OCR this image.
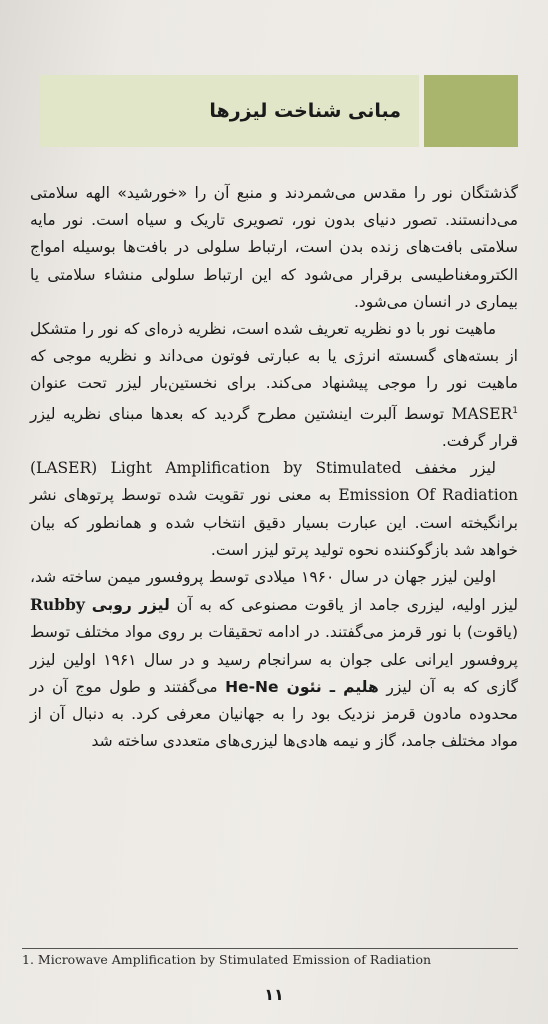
مبانی شناخت لیزرها

گذشتگان نور را مقدس می‌شمردند و منبع آن را «خورشید» الهه سلامتی می‌دانستند. تصور دنیای بدون نور، تصویری تاریک و سیاه است. نور مایه سلامتی بافت‌های زنده بدن است، ارتباط سلولی در بافت‌ها بوسیله امواج الکترومغناطیسی برقرار می‌شود که این ارتباط سلولی منشاء سلامتی یا بیماری در انسان می‌شود.

ماهیت نور با دو نظریه تعریف شده است، نظریه ذره‌ای که نور را متشکل از بسته‌های گسسته انرژی یا به عبارتی فوتون می‌داند و نظریه موجی که ماهیت نور را موجی پیشنهاد می‌کند. برای نخستین‌بار لیزر تحت عنوان MASER$^1$ توسط آلبرت اینشتین مطرح گردید که بعدها مبنای نظریه لیزر قرار گرفت.

لیزر مخفف (LASER) Light Amplification by Stimulated Emission Of Radiation به معنی نور تقویت شده توسط پرتوهای نشر برانگیخته است. این عبارت بسیار دقیق انتخاب شده و همانطور که بیان خواهد شد بازگوکننده نحوه تولید پرتو لیزر است.

اولین لیزر جهان در سال ۱۹۶۰ میلادی توسط پروفسور میمن ساخته شد، لیزر اولیه، لیزری جامد از یاقوت مصنوعی که به آن لیزر روبی Rubby (یاقوت) با نور قرمز می‌گفتند. در ادامه تحقیقات بر روی مواد مختلف توسط پروفسور ایرانی علی جوان به سرانجام رسید و در سال ۱۹۶۱ اولین لیزر گازی که به آن لیزر هلیم ـ نئون He-Ne می‌گفتند و طول موج آن در محدوده مادون قرمز نزدیک بود را به جهانیان معرفی کرد. به دنبال آن از مواد مختلف جامد، گاز و نیمه هادی‌ها لیزری‌های متعددی ساخته شد

1. Microwave Amplification by Stimulated Emission of Radiation
۱۱
